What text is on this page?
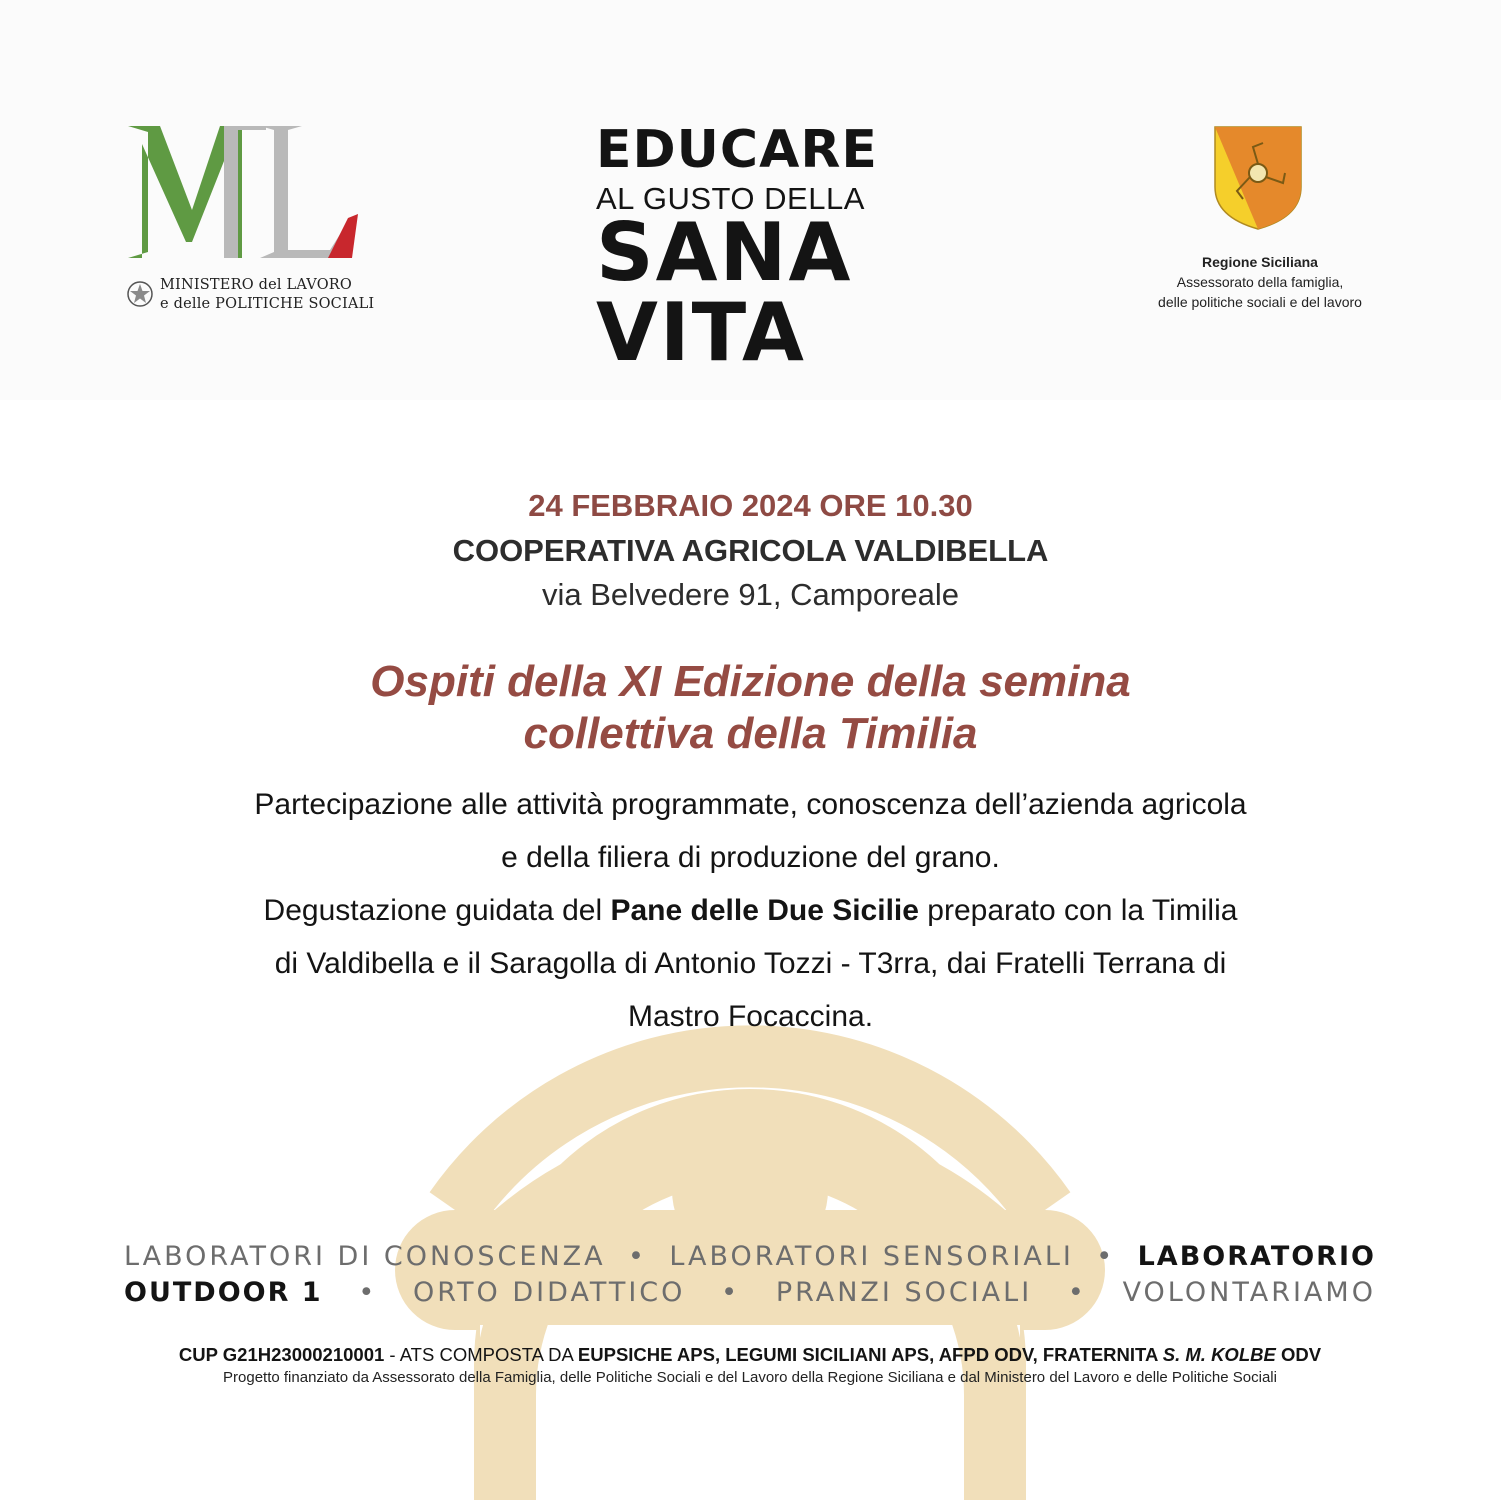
MINISTERO del LAVORO
e delle POLITICHE SOCIALI
EDUCARE
AL GUSTO DELLA
SANA
VITA
Regione Siciliana
Assessorato della famiglia,
delle politiche sociali e del lavoro
24 FEBBRAIO 2024 ORE 10.30
COOPERATIVA AGRICOLA VALDIBELLA
via Belvedere 91, Camporeale
Ospiti della XI Edizione della semina
collettiva della Timilia
Partecipazione alle attività programmate, conoscenza dell’azienda agricola
e della filiera di produzione del grano.
Degustazione guidata del Pane delle Due Sicilie preparato con la Timilia
di Valdibella e il Saragolla di Antonio Tozzi - T3rra, dai Fratelli Terrana di
Mastro Focaccina.
LABORATORI DI CONOSCENZA • LABORATORI SENSORIALI • LABORATORIO
OUTDOOR 1 • ORTO DIDATTICO • PRANZI SOCIALI • VOLONTARIAMO
CUP G21H23000210001 - ATS COMPOSTA DA EUPSICHE APS, LEGUMI SICILIANI APS, AFPD ODV, FRATERNITA S. M. KOLBE ODV
Progetto finanziato da Assessorato della Famiglia, delle Politiche Sociali e del Lavoro della Regione Siciliana e dal Ministero del Lavoro e delle Politiche Sociali
